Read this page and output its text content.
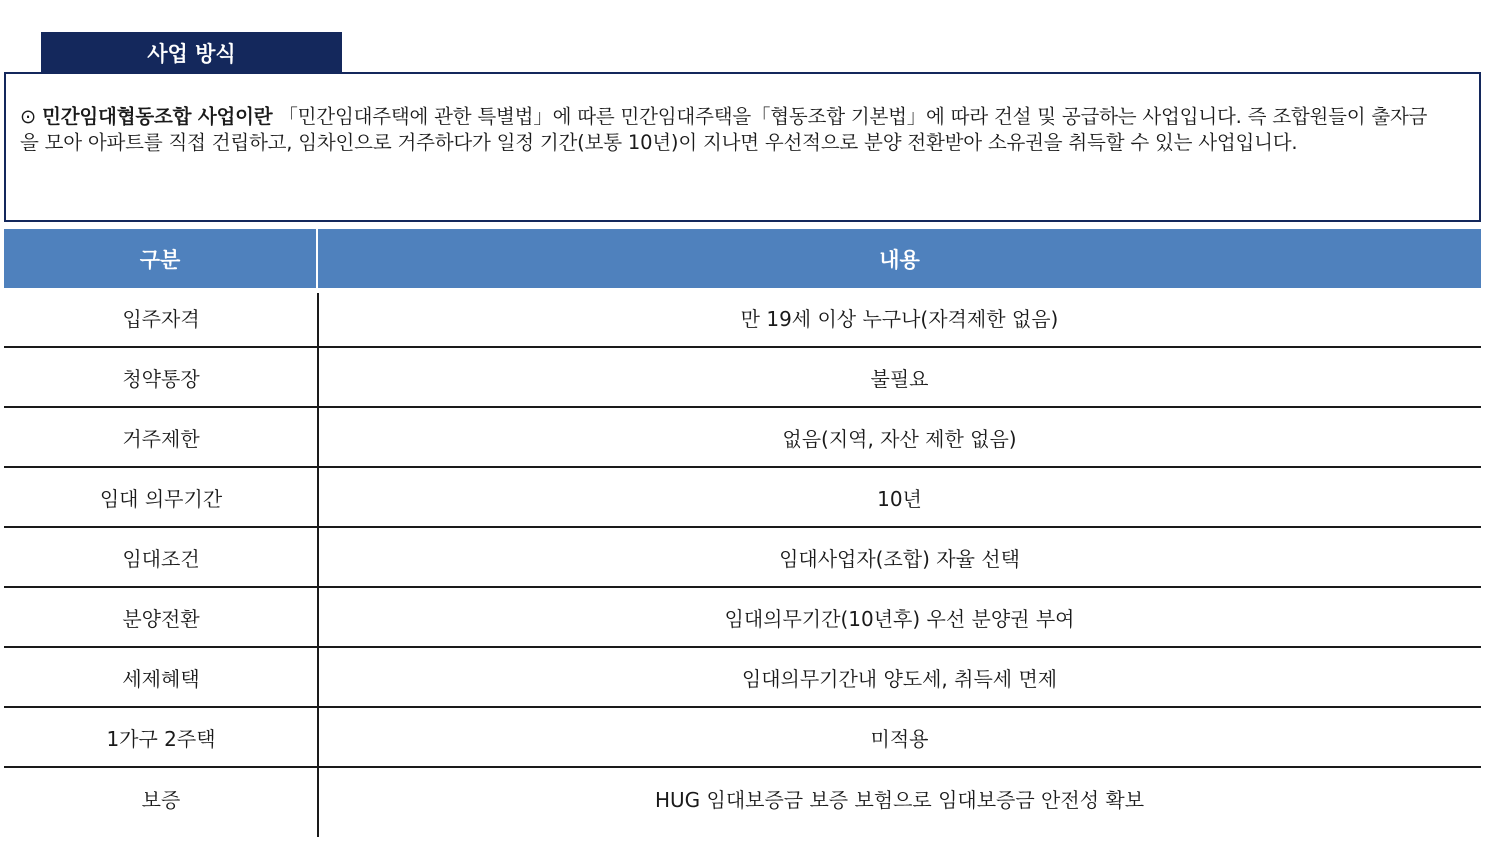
사업 방식

⊙ 민간임대협동조합 사업이란 「민간임대주택에 관한 특별법」에 따른 민간임대주택을「협동조합 기본법」에 따라 건설 및 공급하는 사업입니다. 즉 조합원들이 출자금을 모아 아파트를 직접 건립하고, 임차인으로 거주하다가 일정 기간(보통 10년)이 지나면 우선적으로 분양 전환받아 소유권을 취득할 수 있는 사업입니다.

구분	내용
입주자격	만 19세 이상 누구나(자격제한 없음)
청약통장	불필요
거주제한	없음(지역, 자산 제한 없음)
임대 의무기간	10년
임대조건	임대사업자(조합) 자율 선택
분양전환	임대의무기간(10년후) 우선 분양권 부여
세제혜택	임대의무기간내 양도세, 취득세 면제
1가구 2주택	미적용
보증	HUG 임대보증금 보증 보험으로 임대보증금 안전성 확보
